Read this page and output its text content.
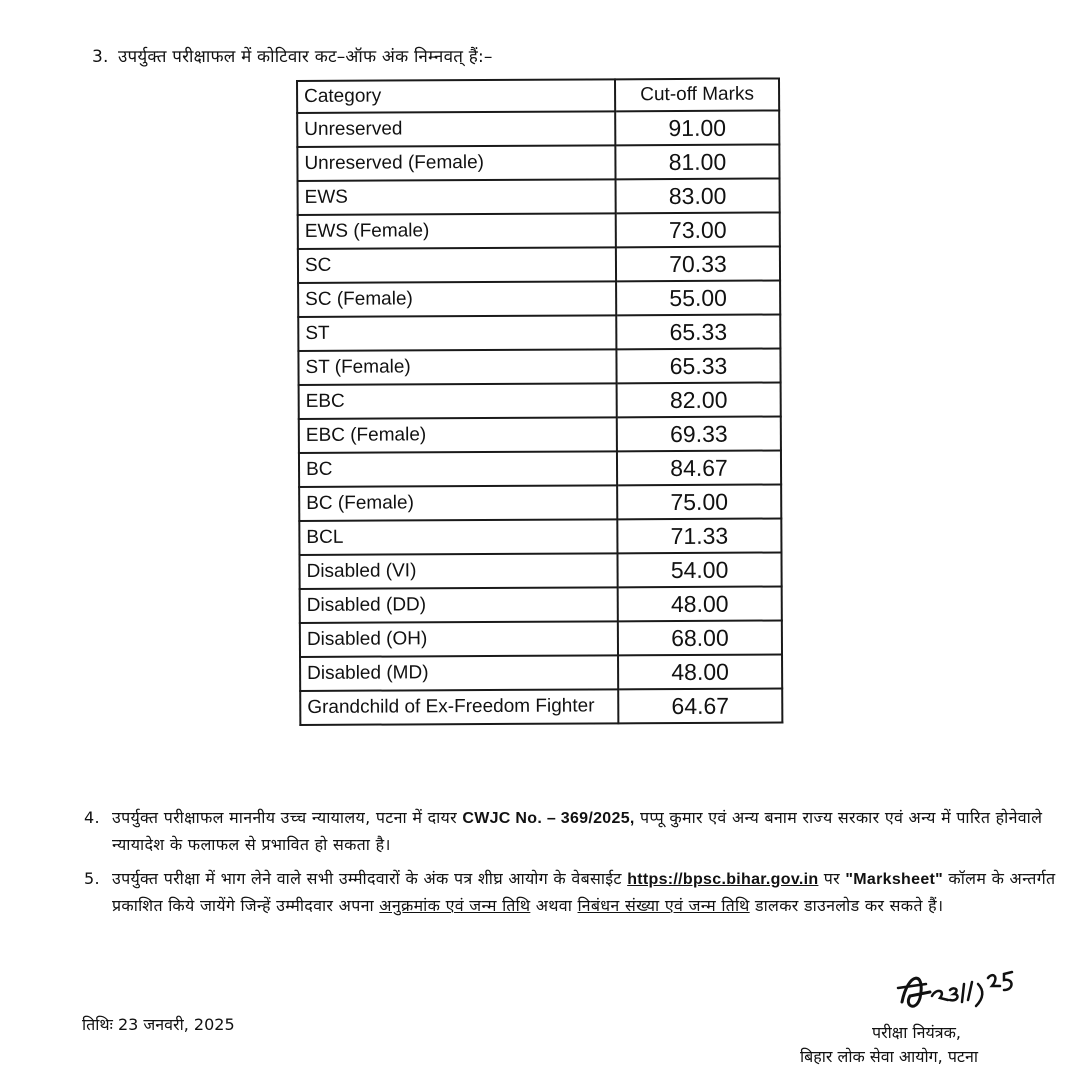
3. उपर्युक्त परीक्षाफल में कोटिवार कट–ऑफ अंक निम्नवत् हैं:–
Category	Cut-off Marks
Unreserved	91.00
Unreserved (Female)	81.00
EWS	83.00
EWS (Female)	73.00
SC	70.33
SC (Female)	55.00
ST	65.33
ST (Female)	65.33
EBC	82.00
EBC (Female)	69.33
BC	84.67
BC (Female)	75.00
BCL	71.33
Disabled (VI)	54.00
Disabled (DD)	48.00
Disabled (OH)	68.00
Disabled (MD)	48.00
Grandchild of Ex-Freedom Fighter	64.67
4. उपर्युक्त परीक्षाफल माननीय उच्च न्यायालय, पटना में दायर CWJC No. – 369/2025, पप्पू कुमार एवं अन्य बनाम राज्य सरकार एवं अन्य में पारित होनेवाले न्यायादेश के फलाफल से प्रभावित हो सकता है।
5. उपर्युक्त परीक्षा में भाग लेने वाले सभी उम्मीदवारों के अंक पत्र शीघ्र आयोग के वेबसाईट https://bpsc.bihar.gov.in पर "Marksheet" कॉलम के अन्तर्गत प्रकाशित किये जायेंगे जिन्हें उम्मीदवार अपना अनुक्रमांक एवं जन्म तिथि अथवा निबंधन संख्या एवं जन्म तिथि डालकर डाउनलोड कर सकते हैं।
तिथिः 23 जनवरी, 2025	परीक्षा नियंत्रक,
बिहार लोक सेवा आयोग, पटना
